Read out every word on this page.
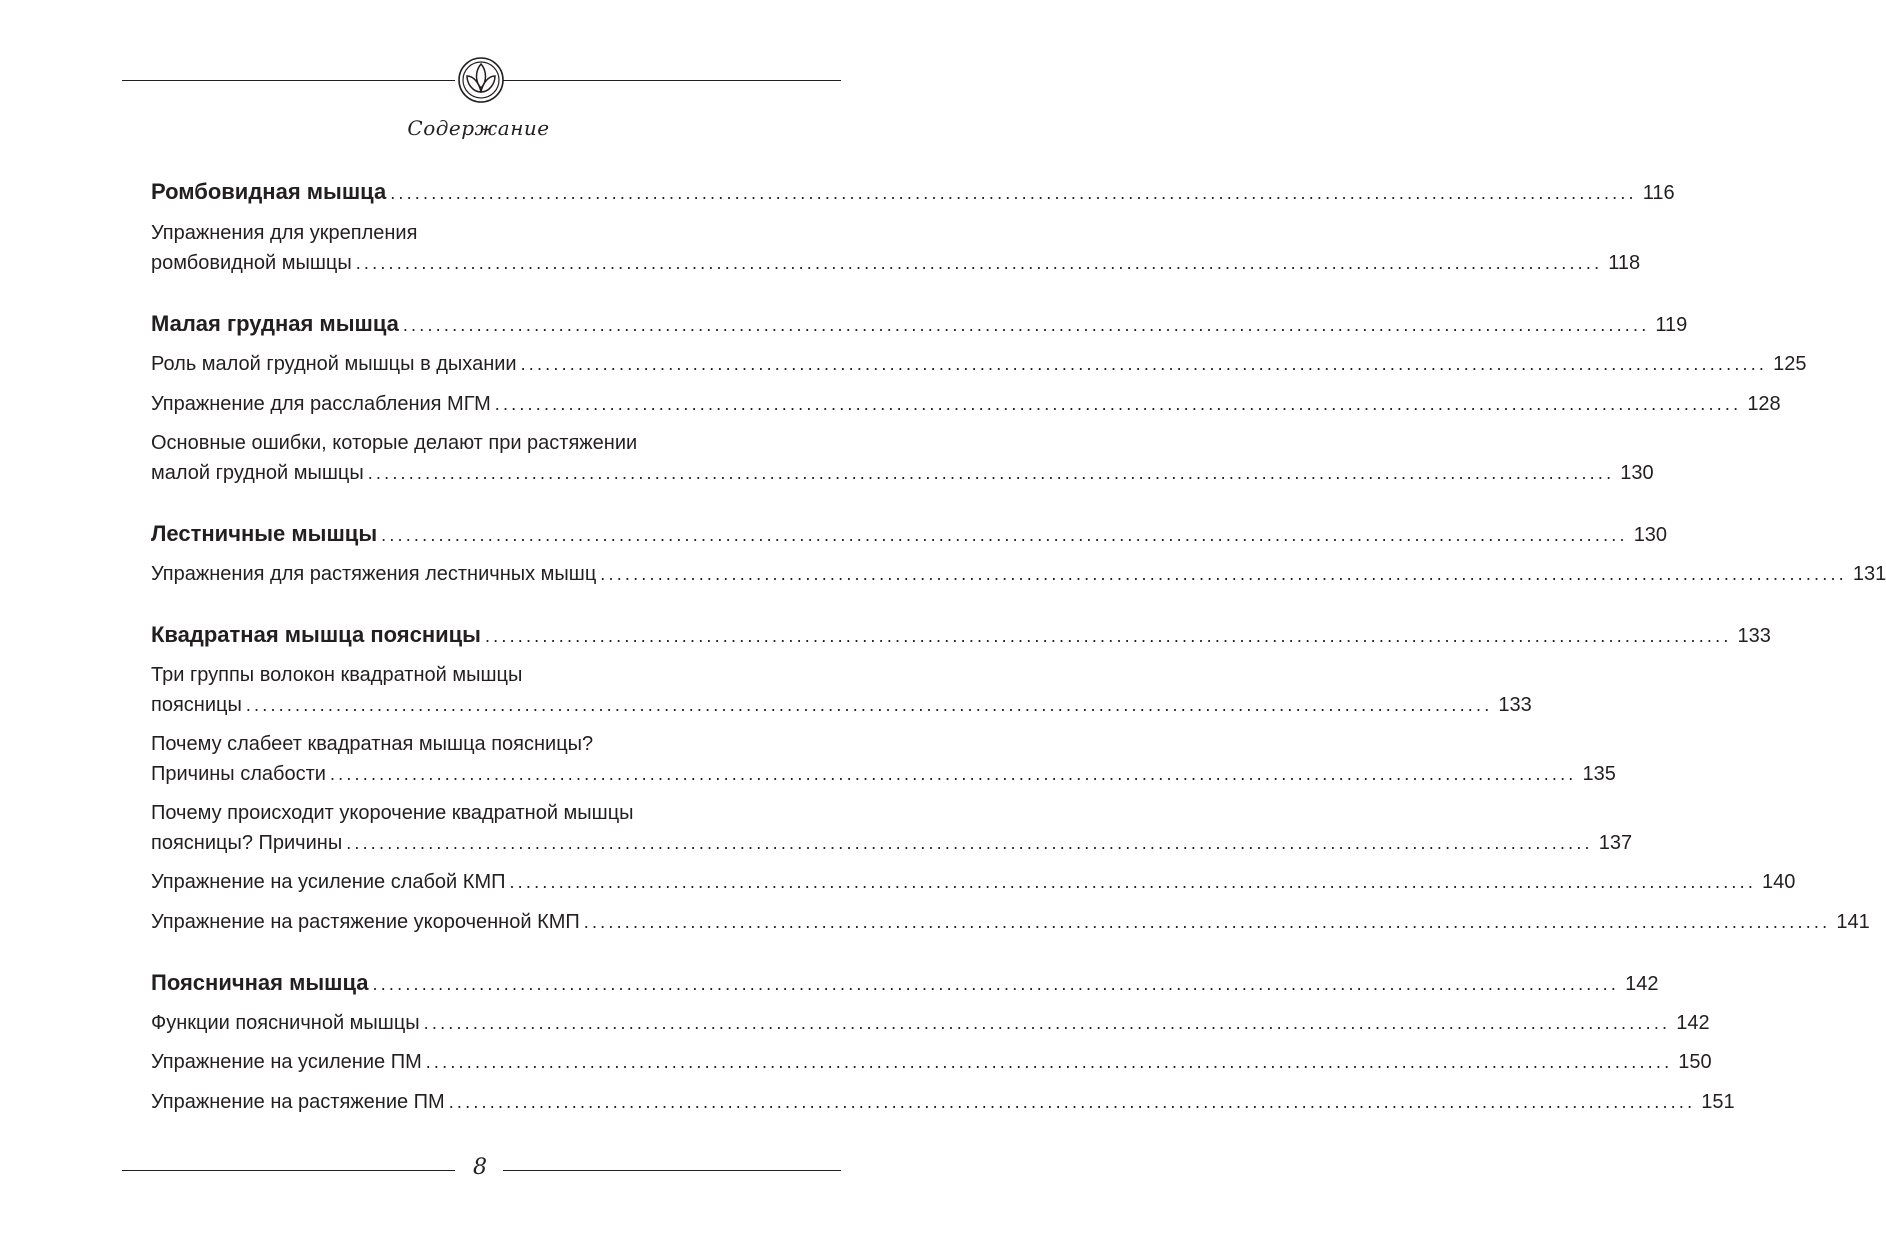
Содержание
Ромбовидная мышца ........................................................................................................................................................ 116
Упражнения для укрепления
ромбовидной мышцы ........................................................................................................................................................ 118
Малая грудная мышца ........................................................................................................................................................ 119
Роль малой грудной мышцы в дыхании ........................................................................................................................................................ 125
Упражнение для расслабления МГМ ........................................................................................................................................................ 128
Основные ошибки, которые делают при растяжении
малой грудной мышцы ........................................................................................................................................................ 130
Лестничные мышцы ........................................................................................................................................................ 130
Упражнения для растяжения лестничных мышц ........................................................................................................................................................ 131
Квадратная мышца поясницы ........................................................................................................................................................ 133
Три группы волокон квадратной мышцы
поясницы ........................................................................................................................................................ 133
Почему слабеет квадратная мышца поясницы?
Причины слабости ........................................................................................................................................................ 135
Почему происходит укорочение квадратной мышцы
поясницы? Причины ........................................................................................................................................................ 137
Упражнение на усиление слабой КМП ........................................................................................................................................................ 140
Упражнение на растяжение укороченной КМП ........................................................................................................................................................ 141
Поясничная мышца ........................................................................................................................................................ 142
Функции поясничной мышцы ........................................................................................................................................................ 142
Упражнение на усиление ПМ ........................................................................................................................................................ 150
Упражнение на растяжение ПМ ........................................................................................................................................................ 151
8
